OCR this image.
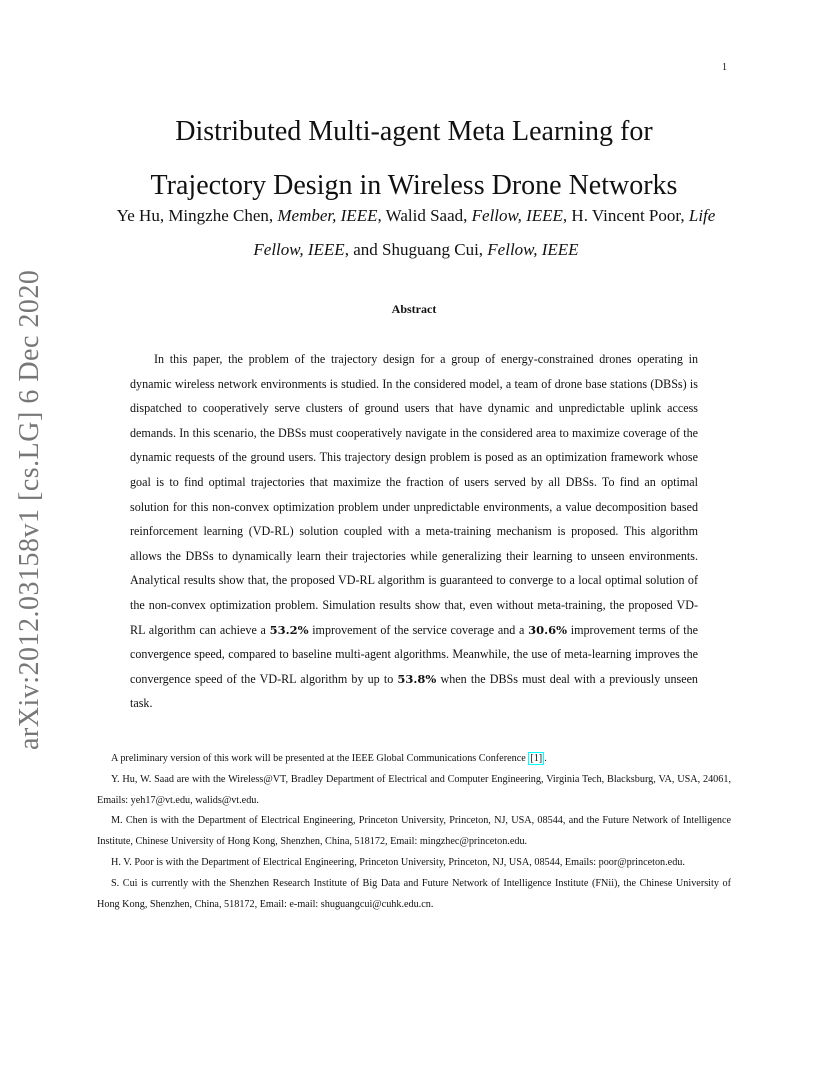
1
arXiv:2012.03158v1 [cs.LG] 6 Dec 2020
Distributed Multi-agent Meta Learning for
Trajectory Design in Wireless Drone Networks
Ye Hu, Mingzhe Chen, Member, IEEE, Walid Saad, Fellow, IEEE, H. Vincent Poor, Life Fellow, IEEE, and Shuguang Cui, Fellow, IEEE
Abstract

In this paper, the problem of the trajectory design for a group of energy-constrained drones operating in dynamic wireless network environments is studied. In the considered model, a team of drone base stations (DBSs) is dispatched to cooperatively serve clusters of ground users that have dynamic and unpredictable uplink access demands. In this scenario, the DBSs must cooperatively navigate in the considered area to maximize coverage of the dynamic requests of the ground users. This trajectory design problem is posed as an optimization framework whose goal is to find optimal trajectories that maximize the fraction of users served by all DBSs. To find an optimal solution for this non-convex optimization problem under unpredictable environments, a value decomposition based reinforcement learning (VD-RL) solution coupled with a meta-training mechanism is proposed. This algorithm allows the DBSs to dynamically learn their trajectories while generalizing their learning to unseen environments. Analytical results show that, the proposed VD-RL algorithm is guaranteed to converge to a local optimal solution of the non-convex optimization problem. Simulation results show that, even without meta-training, the proposed VD-RL algorithm can achieve a 53.2% improvement of the service coverage and a 30.6% improvement terms of the convergence speed, compared to baseline multi-agent algorithms. Meanwhile, the use of meta-learning improves the convergence speed of the VD-RL algorithm by up to 53.8% when the DBSs must deal with a previously unseen task.

A preliminary version of this work will be presented at the IEEE Global Communications Conference [1] .

Y. Hu, W. Saad are with the Wireless@VT, Bradley Department of Electrical and Computer Engineering, Virginia Tech, Blacksburg, VA, USA, 24061, Emails: yeh17@vt.edu, walids@vt.edu.

M. Chen is with the Department of Electrical Engineering, Princeton University, Princeton, NJ, USA, 08544, and the Future Network of Intelligence Institute, Chinese University of Hong Kong, Shenzhen, China, 518172, Email: mingzhec@princeton.edu.

H. V. Poor is with the Department of Electrical Engineering, Princeton University, Princeton, NJ, USA, 08544, Emails: poor@princeton.edu.

S. Cui is currently with the Shenzhen Research Institute of Big Data and Future Network of Intelligence Institute (FNii), the Chinese University of Hong Kong, Shenzhen, China, 518172, Email: e-mail: shuguangcui@cuhk.edu.cn.
